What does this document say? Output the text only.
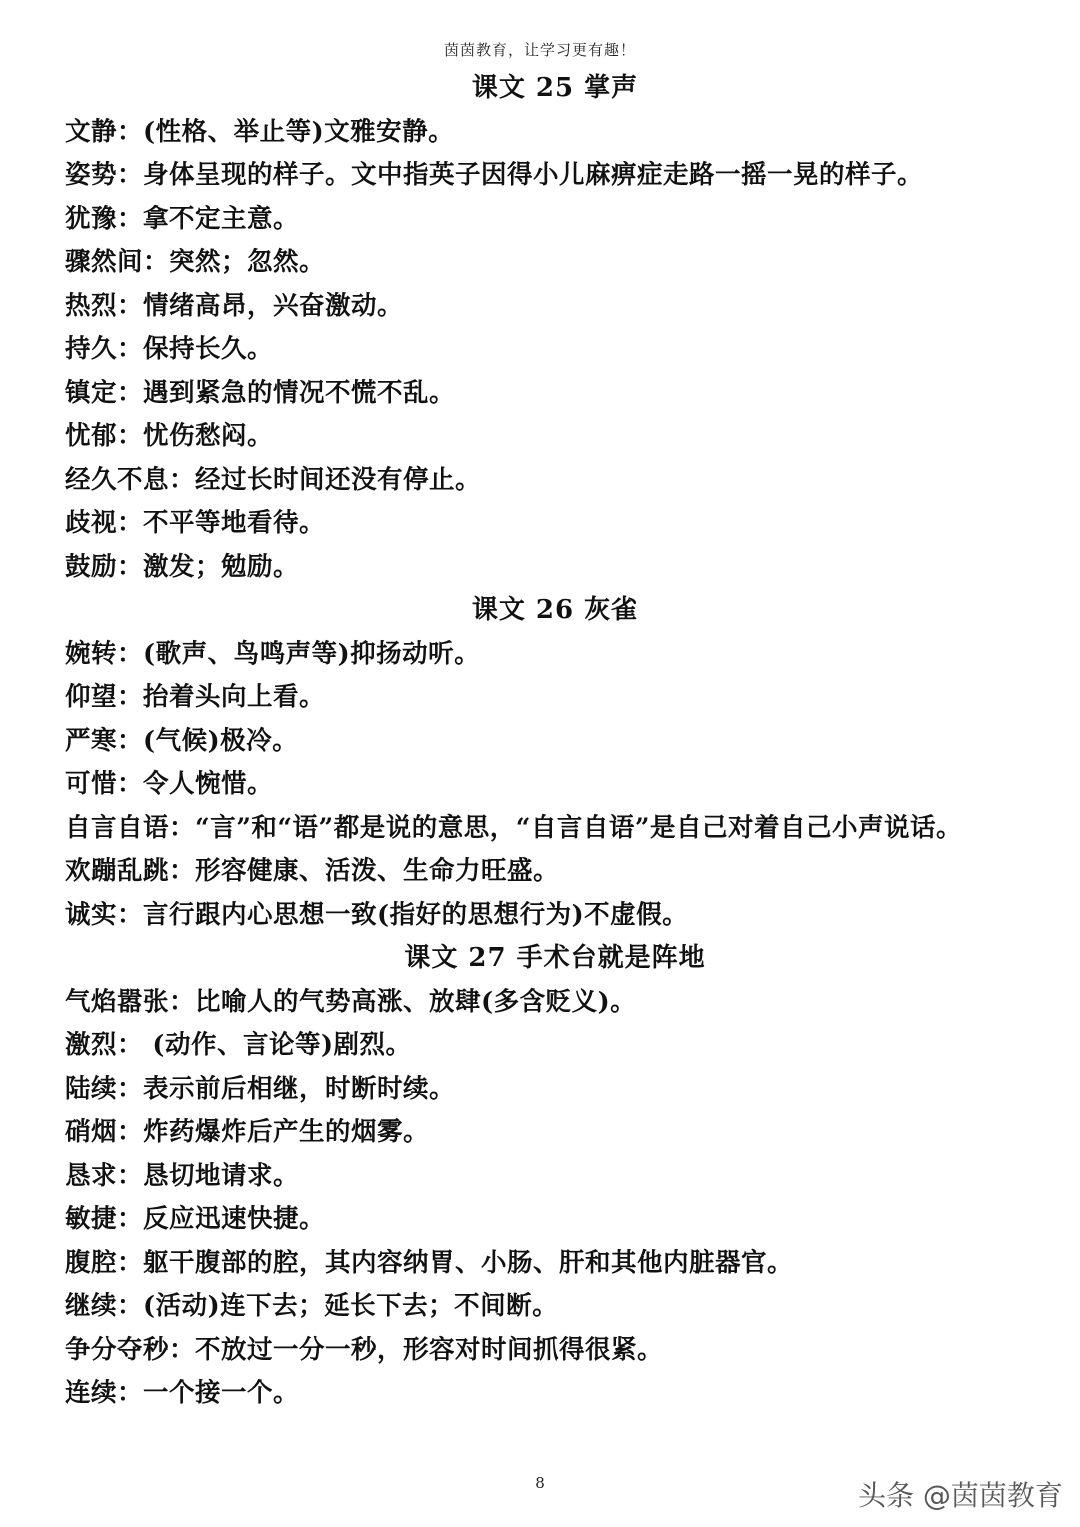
茵茵教育，让学习更有趣！
课文 25 掌声
文静：(性格、举止等)文雅安静。
姿势：身体呈现的样子。文中指英子因得小儿麻痹症走路一摇一晃的样子。
犹豫：拿不定主意。
骤然间：突然；忽然。
热烈：情绪高昂，兴奋激动。
持久：保持长久。
镇定：遇到紧急的情况不慌不乱。
忧郁：忧伤愁闷。
经久不息：经过长时间还没有停止。
歧视：不平等地看待。
鼓励：激发；勉励。
课文 26 灰雀
婉转：(歌声、鸟鸣声等)抑扬动听。
仰望：抬着头向上看。
严寒：(气候)极冷。
可惜：令人惋惜。
自言自语：“言”和“语”都是说的意思，“自言自语”是自己对着自己小声说话。
欢蹦乱跳：形容健康、活泼、生命力旺盛。
诚实：言行跟内心思想一致(指好的思想行为)不虚假。
课文 27 手术台就是阵地
气焰嚣张：比喻人的气势高涨、放肆(多含贬义)。
激烈： (动作、言论等)剧烈。
陆续：表示前后相继，时断时续。
硝烟：炸药爆炸后产生的烟雾。
恳求：恳切地请求。
敏捷：反应迅速快捷。
腹腔：躯干腹部的腔，其内容纳胃、小肠、肝和其他内脏器官。
继续：(活动)连下去；延长下去；不间断。
争分夺秒：不放过一分一秒，形容对时间抓得很紧。
连续：一个接一个。
8	头条 @茵茵教育
